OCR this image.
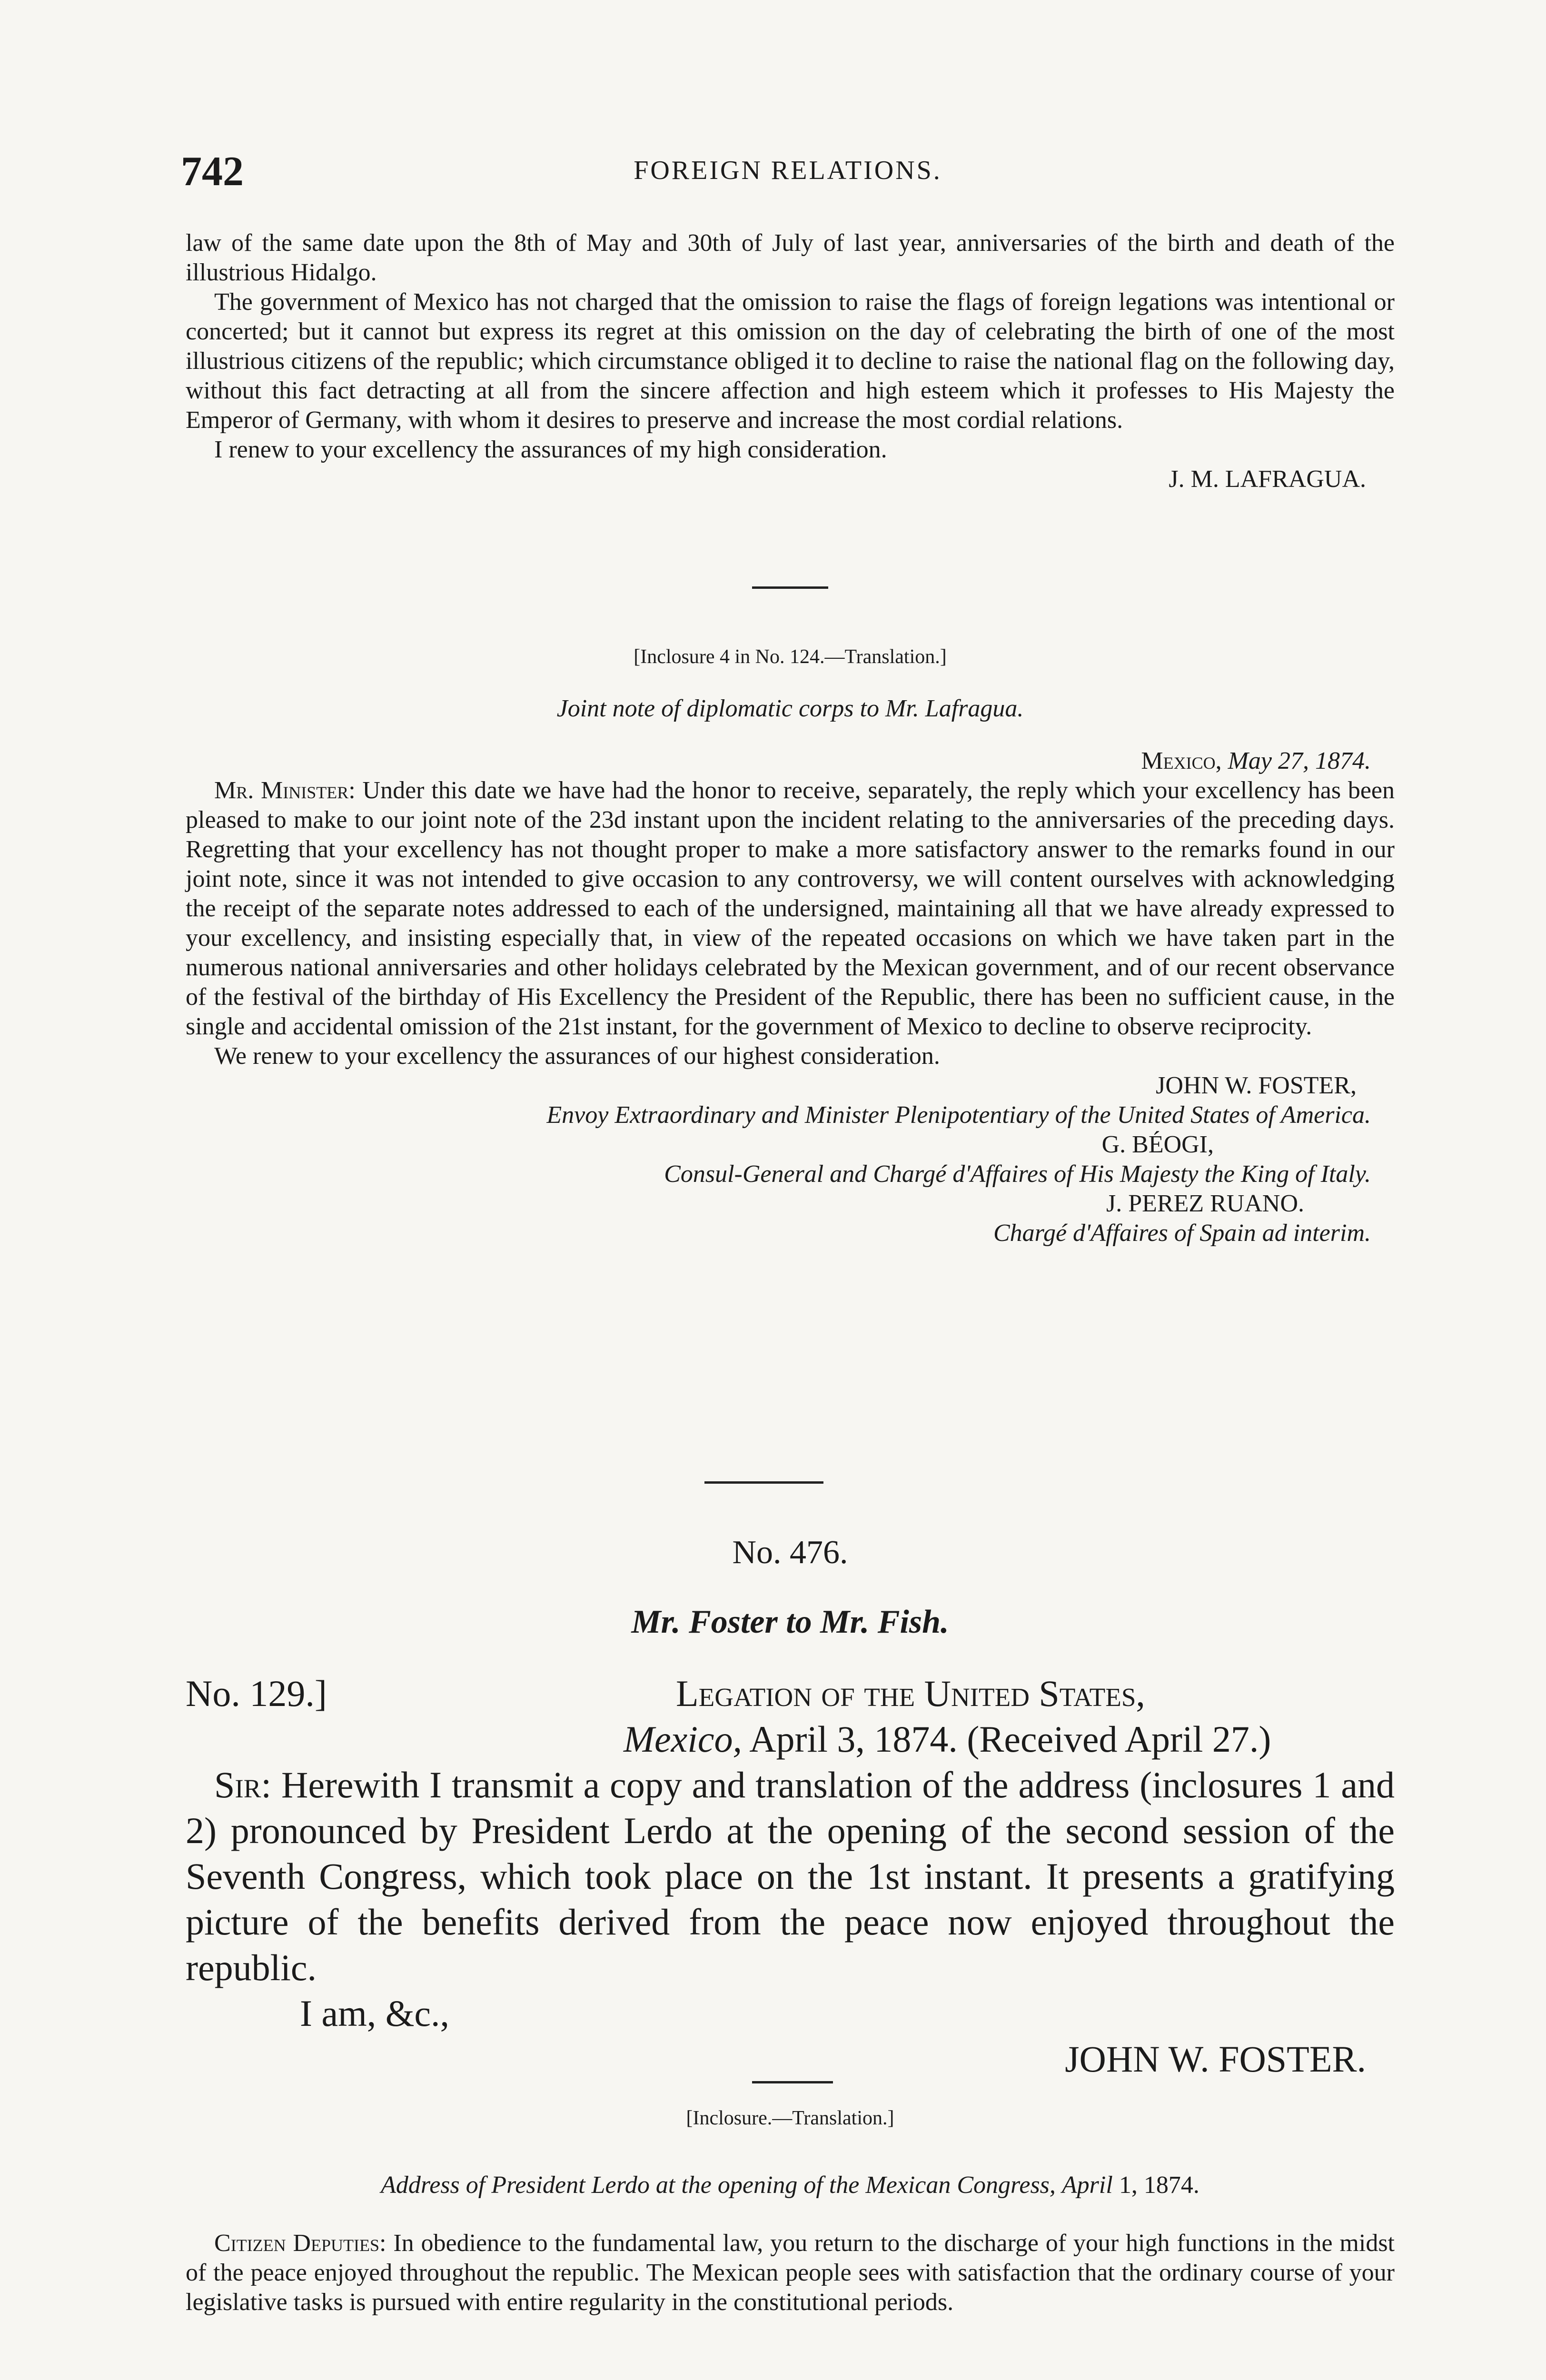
742	FOREIGN RELATIONS.

law of the same date upon the 8th of May and 30th of July of last year, anniversaries of the birth and death of the illustrious Hidalgo.

The government of Mexico has not charged that the omission to raise the flags of foreign legations was intentional or concerted; but it cannot but express its regret at this omission on the day of celebrating the birth of one of the most illustrious citizens of the republic; which circumstance obliged it to decline to raise the national flag on the following day, without this fact detracting at all from the sincere affection and high esteem which it professes to His Majesty the Emperor of Germany, with whom it desires to preserve and increase the most cordial relations.

I renew to your excellency the assurances of my high consideration.

J. M. LAFRAGUA.

[Inclosure 4 in No. 124.—Translation.]

Joint note of diplomatic corps to Mr. Lafragua.

Mexico, May 27, 1874.

Mr. Minister: Under this date we have had the honor to receive, separately, the reply which your excellency has been pleased to make to our joint note of the 23d instant upon the incident relating to the anniversaries of the preceding days. Regretting that your excellency has not thought proper to make a more satisfactory answer to the remarks found in our joint note, since it was not intended to give occasion to any controversy, we will content ourselves with acknowledging the receipt of the separate notes addressed to each of the undersigned, maintaining all that we have already expressed to your excellency, and insisting especially that, in view of the repeated occasions on which we have taken part in the numerous national anniversaries and other holidays celebrated by the Mexican government, and of our recent observance of the festival of the birthday of His Excellency the President of the Republic, there has been no sufficient cause, in the single and accidental omission of the 21st instant, for the government of Mexico to decline to observe reciprocity.

We renew to your excellency the assurances of our highest consideration.

JOHN W. FOSTER,

Envoy Extraordinary and Minister Plenipotentiary of the United States of America.

G. BÉOGI,

Consul-General and Chargé d'Affaires of His Majesty the King of Italy.

J. PEREZ RUANO.

Chargé d'Affaires of Spain ad interim.

No. 476.

Mr. Foster to Mr. Fish.

No. 129.]	Legation of the United States,
Mexico, April 3, 1874. (Received April 27.)

Sir: Herewith I transmit a copy and translation of the address (inclosures 1 and 2) pronounced by President Lerdo at the opening of the second session of the Seventh Congress, which took place on the 1st instant. It presents a gratifying picture of the benefits derived from the peace now enjoyed throughout the republic.

I am, &c.,

JOHN W. FOSTER.

[Inclosure.—Translation.]

Address of President Lerdo at the opening of the Mexican Congress, April 1, 1874.

Citizen Deputies: In obedience to the fundamental law, you return to the discharge of your high functions in the midst of the peace enjoyed throughout the republic. The Mexican people sees with satisfaction that the ordinary course of your legislative tasks is pursued with entire regularity in the constitutional periods.
